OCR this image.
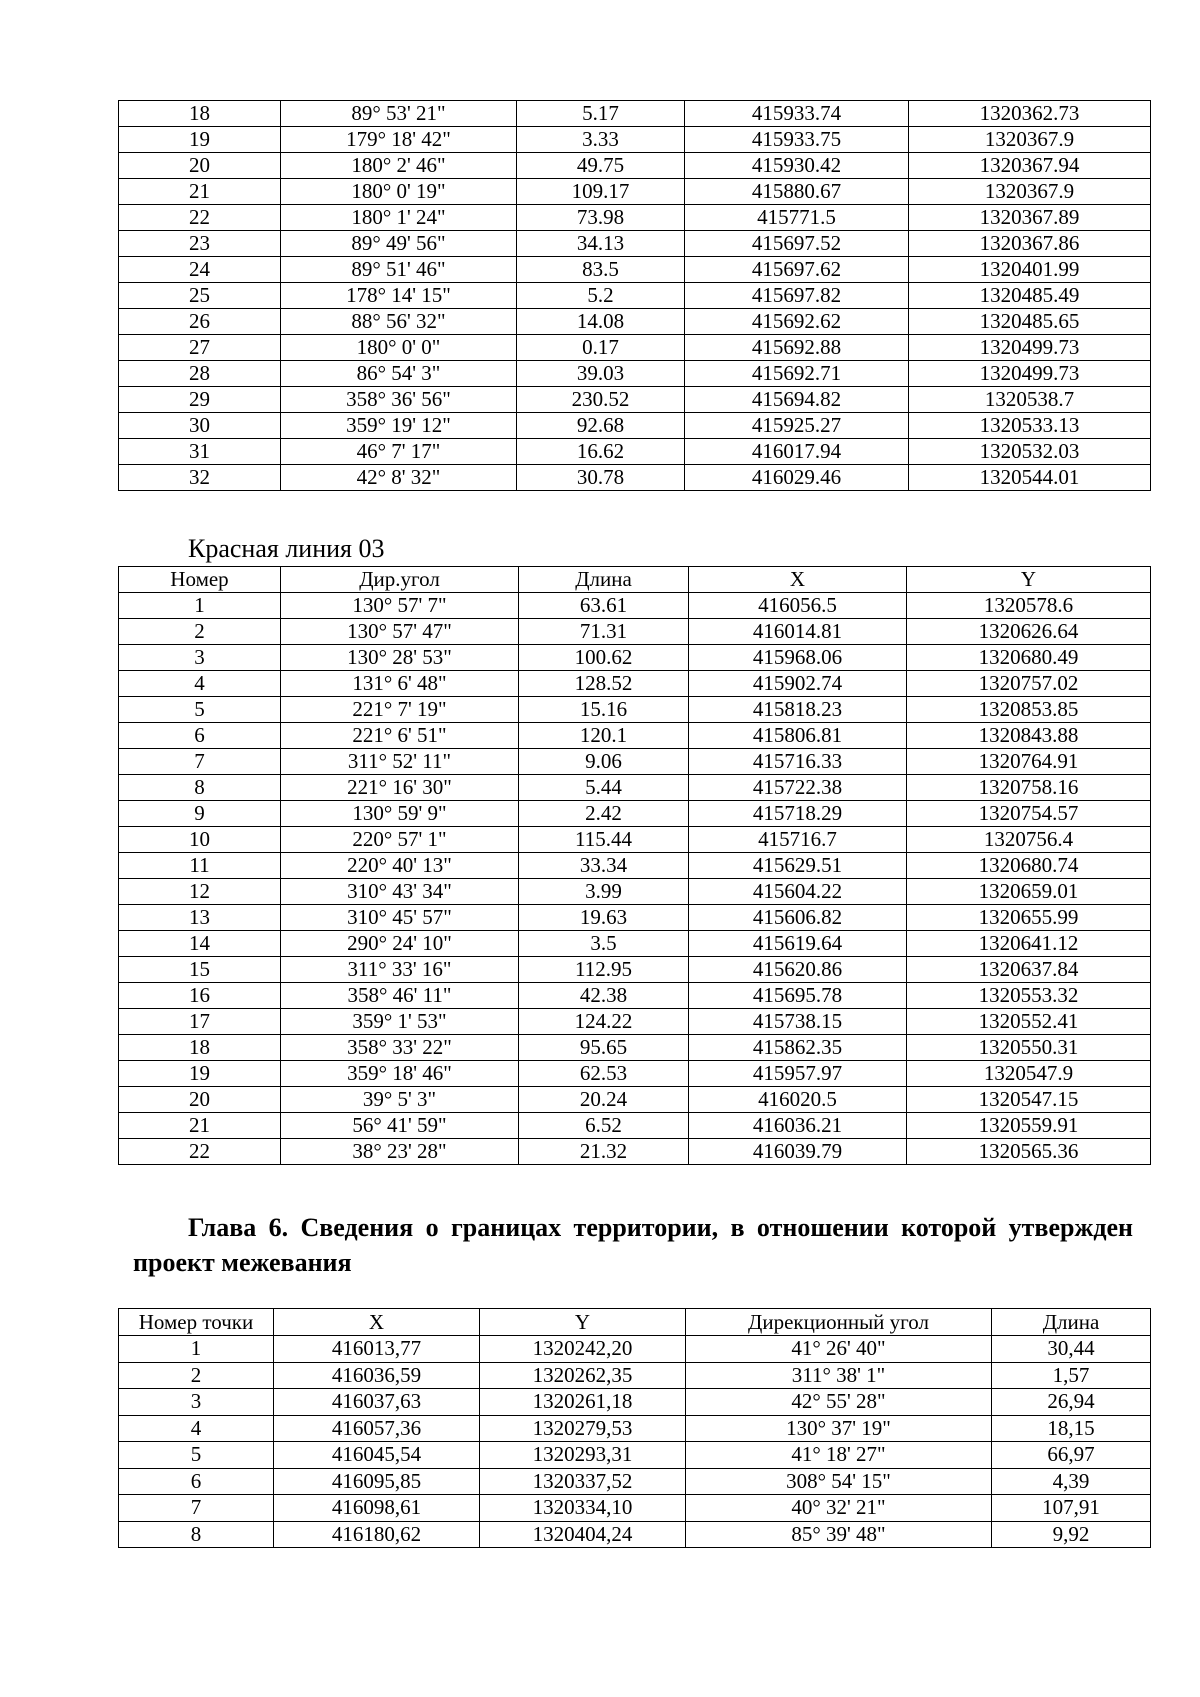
18	89° 53' 21"	5.17	415933.74	1320362.73
19	179° 18' 42"	3.33	415933.75	1320367.9
20	180° 2' 46"	49.75	415930.42	1320367.94
21	180° 0' 19"	109.17	415880.67	1320367.9
22	180° 1' 24"	73.98	415771.5	1320367.89
23	89° 49' 56"	34.13	415697.52	1320367.86
24	89° 51' 46"	83.5	415697.62	1320401.99
25	178° 14' 15"	5.2	415697.82	1320485.49
26	88° 56' 32"	14.08	415692.62	1320485.65
27	180° 0' 0"	0.17	415692.88	1320499.73
28	86° 54' 3"	39.03	415692.71	1320499.73
29	358° 36' 56"	230.52	415694.82	1320538.7
30	359° 19' 12"	92.68	415925.27	1320533.13
31	46° 7' 17"	16.62	416017.94	1320532.03
32	42° 8' 32"	30.78	416029.46	1320544.01

Красная линия 03

Номер	Дир.угол	Длина	X	Y
1	130° 57' 7"	63.61	416056.5	1320578.6
2	130° 57' 47"	71.31	416014.81	1320626.64
3	130° 28' 53"	100.62	415968.06	1320680.49
4	131° 6' 48"	128.52	415902.74	1320757.02
5	221° 7' 19"	15.16	415818.23	1320853.85
6	221° 6' 51"	120.1	415806.81	1320843.88
7	311° 52' 11"	9.06	415716.33	1320764.91
8	221° 16' 30"	5.44	415722.38	1320758.16
9	130° 59' 9"	2.42	415718.29	1320754.57
10	220° 57' 1"	115.44	415716.7	1320756.4
11	220° 40' 13"	33.34	415629.51	1320680.74
12	310° 43' 34"	3.99	415604.22	1320659.01
13	310° 45' 57"	19.63	415606.82	1320655.99
14	290° 24' 10"	3.5	415619.64	1320641.12
15	311° 33' 16"	112.95	415620.86	1320637.84
16	358° 46' 11"	42.38	415695.78	1320553.32
17	359° 1' 53"	124.22	415738.15	1320552.41
18	358° 33' 22"	95.65	415862.35	1320550.31
19	359° 18' 46"	62.53	415957.97	1320547.9
20	39° 5' 3"	20.24	416020.5	1320547.15
21	56° 41' 59"	6.52	416036.21	1320559.91
22	38° 23' 28"	21.32	416039.79	1320565.36
Глава 6. Сведения о границах территории, в отношении которой утвержден проект межевания
Номер точки	X	Y	Дирекционный угол	Длина
1	416013,77	1320242,20	41° 26' 40"	30,44
2	416036,59	1320262,35	311° 38' 1"	1,57
3	416037,63	1320261,18	42° 55' 28"	26,94
4	416057,36	1320279,53	130° 37' 19"	18,15
5	416045,54	1320293,31	41° 18' 27"	66,97
6	416095,85	1320337,52	308° 54' 15"	4,39
7	416098,61	1320334,10	40° 32' 21"	107,91
8	416180,62	1320404,24	85° 39' 48"	9,92
